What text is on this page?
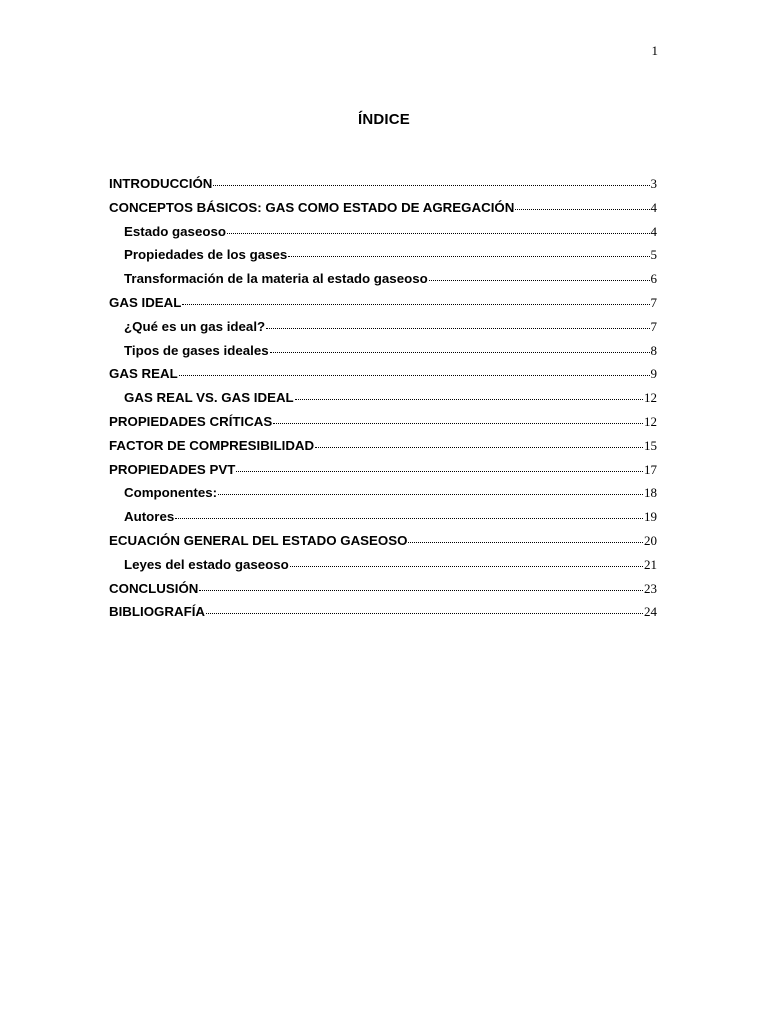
1
ÍNDICE
INTRODUCCIÓN	3
CONCEPTOS BÁSICOS: GAS COMO ESTADO DE AGREGACIÓN	4
Estado gaseoso	4
Propiedades de los gases	5
Transformación de la materia al estado gaseoso	6
GAS IDEAL	7
¿Qué es un gas ideal?	7
Tipos de gases ideales	8
GAS REAL	9
GAS REAL VS. GAS IDEAL	12
PROPIEDADES CRÍTICAS	12
FACTOR DE COMPRESIBILIDAD	15
PROPIEDADES PVT	17
Componentes:	18
Autores	19
ECUACIÓN GENERAL DEL ESTADO GASEOSO	20
Leyes del estado gaseoso	21
CONCLUSIÓN	23
BIBLIOGRAFÍA	24
